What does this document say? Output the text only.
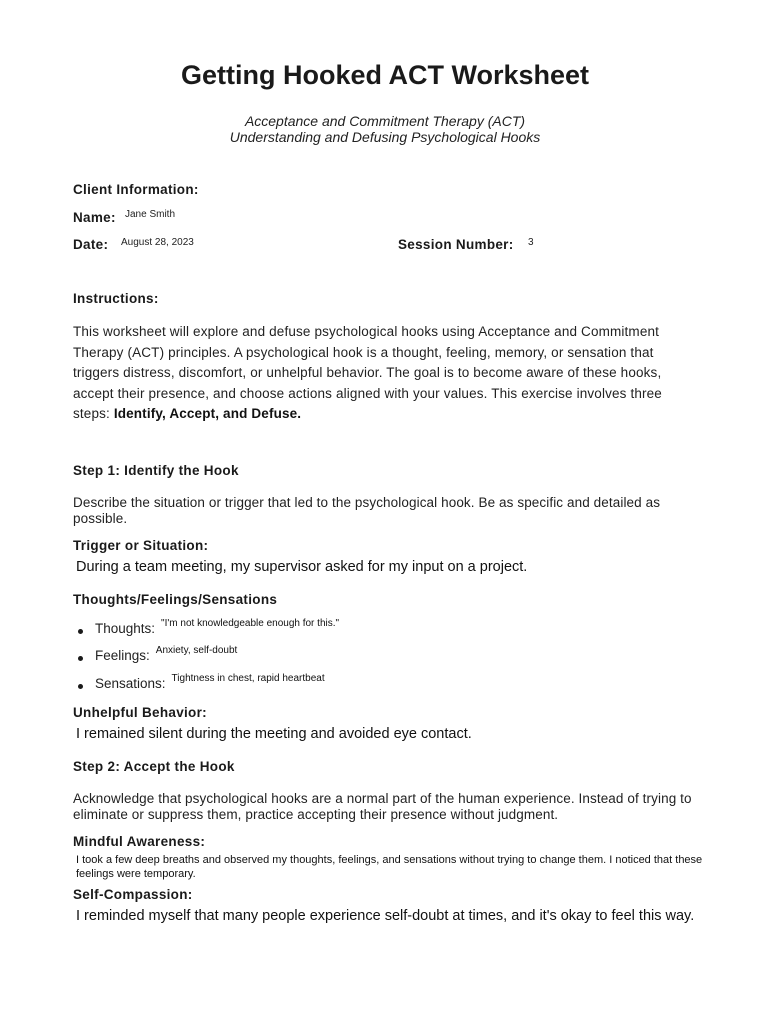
Getting Hooked ACT Worksheet
Acceptance and Commitment Therapy (ACT)
Understanding and Defusing Psychological Hooks
Client Information:
Name: Jane Smith
Date: August 28, 2023	Session Number: 3
Instructions:
This worksheet will explore and defuse psychological hooks using Acceptance and Commitment Therapy (ACT) principles. A psychological hook is a thought, feeling, memory, or sensation that triggers distress, discomfort, or unhelpful behavior. The goal is to become aware of these hooks, accept their presence, and choose actions aligned with your values. This exercise involves three steps: Identify, Accept, and Defuse.
Step 1: Identify the Hook
Describe the situation or trigger that led to the psychological hook. Be as specific and detailed as possible.
Trigger or Situation:
During a team meeting, my supervisor asked for my input on a project.
Thoughts/Feelings/Sensations
Thoughts: "I'm not knowledgeable enough for this."
Feelings: Anxiety, self-doubt
Sensations: Tightness in chest, rapid heartbeat
Unhelpful Behavior:
I remained silent during the meeting and avoided eye contact.
Step 2: Accept the Hook
Acknowledge that psychological hooks are a normal part of the human experience. Instead of trying to eliminate or suppress them, practice accepting their presence without judgment.
Mindful Awareness:
I took a few deep breaths and observed my thoughts, feelings, and sensations without trying to change them. I noticed that these feelings were temporary.
Self-Compassion:
I reminded myself that many people experience self-doubt at times, and it's okay to feel this way.
